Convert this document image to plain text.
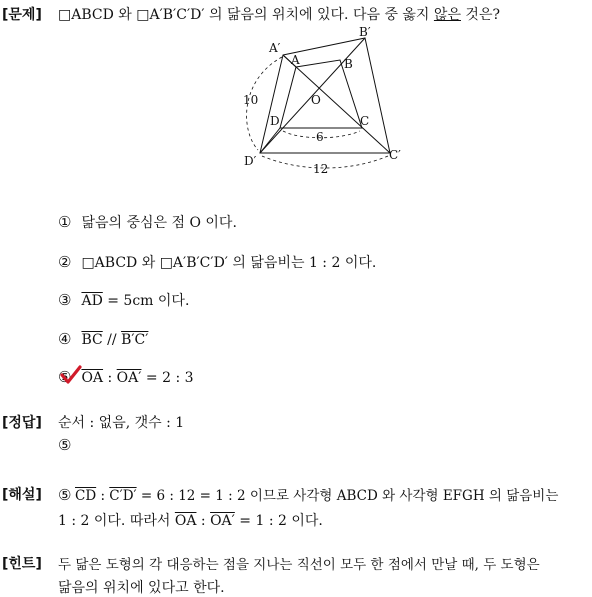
[문제] □ABCD 와 □A′B′C′D′ 의 닮음의 위치에 있다. 다음 중 옳지 않은 것은?
A′
B′
C′
D′
A	B
C
D
O
10
6
12
① 닮음의 중심은 점 O 이다.
② □ABCD 와 □A′B′C′D′ 의 닮음비는 1 : 2 이다.
③ $\overline{AD} = 5cm$ 이다.
④ $\overline{BC} // B'C'$
⑤ $\overline{OA}$ : OA′ = 2 : 3
[정답] 순서 : 없음, 갯수 : 1
⑤
[해설] ⑤ $\overline{CD}$ : C′D′ = 6 : 12 = 1 : 2 이므로 사각형 ABCD 와 사각형 EFGH 의 닮음비는
1 : 2 이다. 따라서 $\overline{OA}$ : OA′ = 1 : 2 이다.
[힌트] 두 닮은 도형의 각 대응하는 점을 지나는 직선이 모두 한 점에서 만날 때, 두 도형은
닮음의 위치에 있다고 한다.
